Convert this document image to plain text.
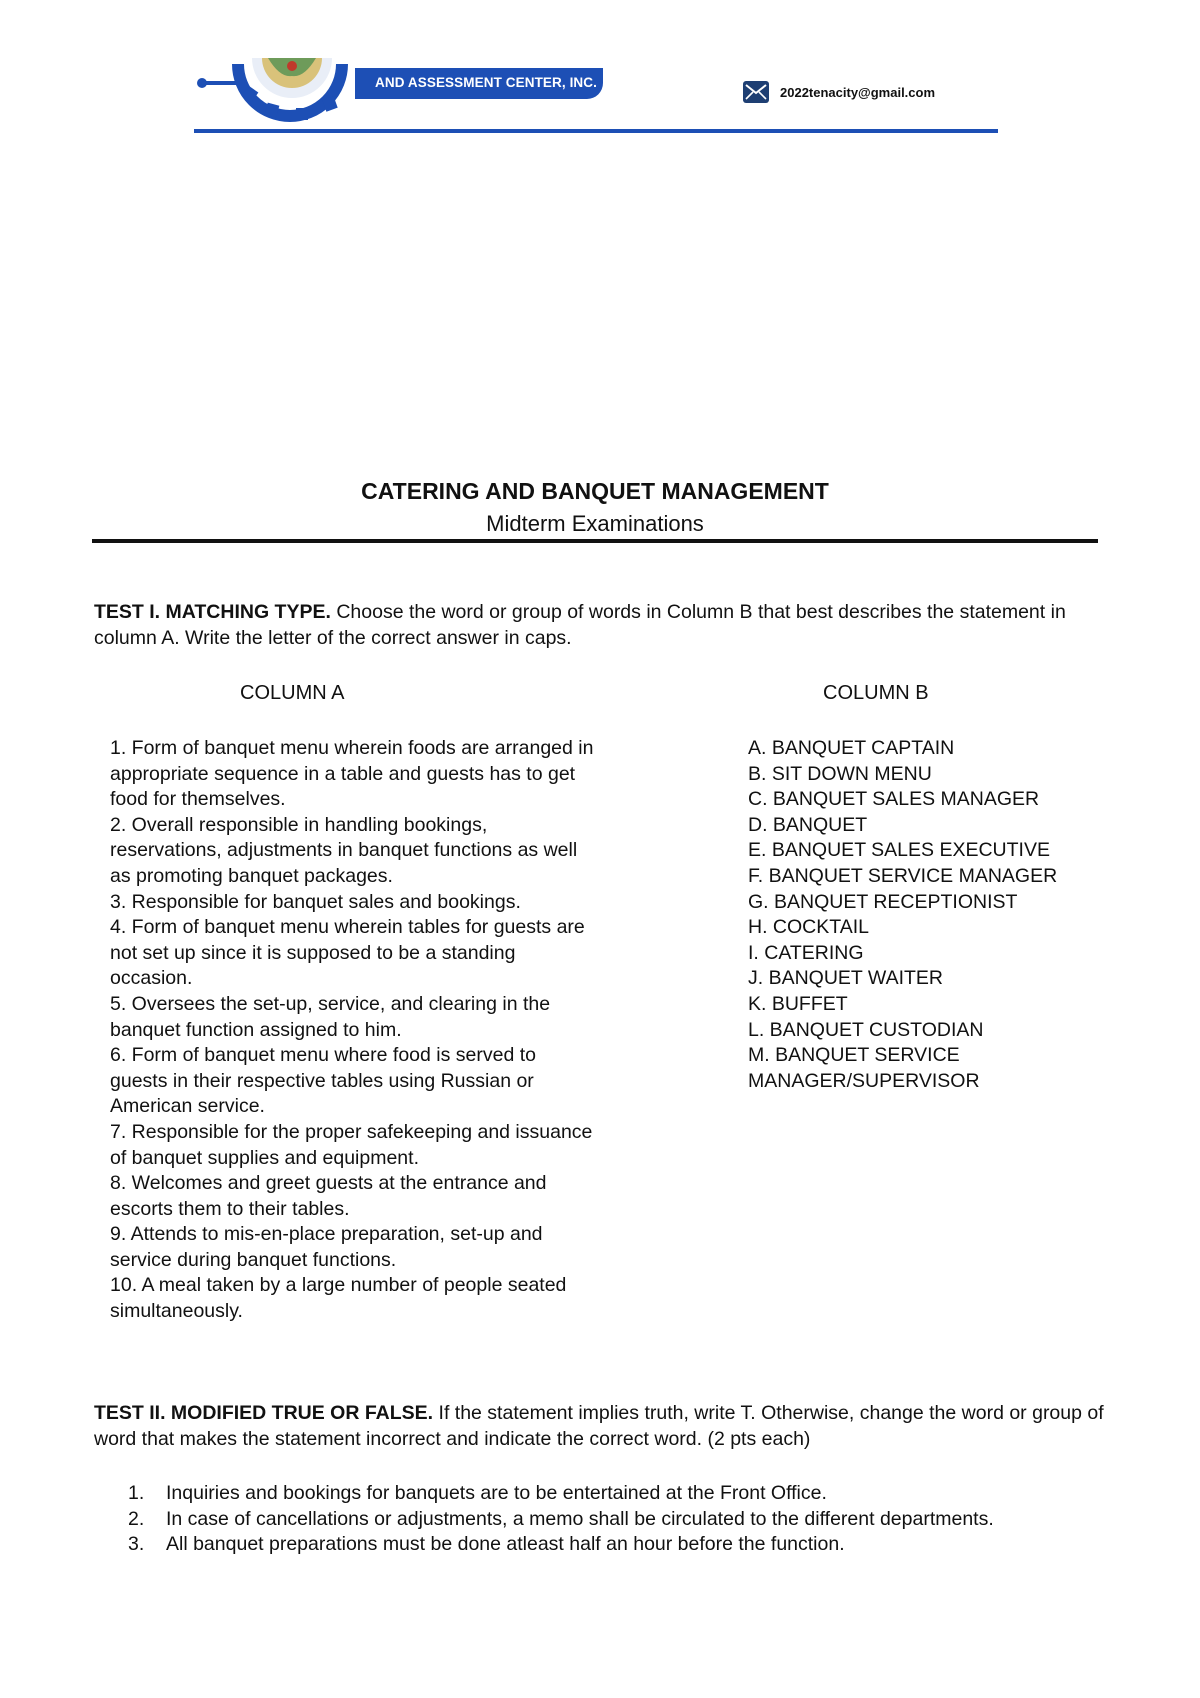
AND ASSESSMENT CENTER, INC.
2022tenacity@gmail.com
CATERING AND BANQUET MANAGEMENT
Midterm Examinations
TEST I. MATCHING TYPE. Choose the word or group of words in Column B that best describes the statement in column A. Write the letter of the correct answer in caps.
COLUMN A	COLUMN B
1. Form of banquet menu wherein foods are arranged in
appropriate sequence in a table and guests has to get
food for themselves.
2. Overall responsible in handling bookings,
reservations, adjustments in banquet functions as well
as promoting banquet packages.
3. Responsible for banquet sales and bookings.
4. Form of banquet menu wherein tables for guests are
not set up since it is supposed to be a standing
occasion.
5. Oversees the set-up, service, and clearing in the
banquet function assigned to him.
6. Form of banquet menu where food is served to
guests in their respective tables using Russian or
American service.
7. Responsible for the proper safekeeping and issuance
of banquet supplies and equipment.
8. Welcomes and greet guests at the entrance and
escorts them to their tables.
9. Attends to mis-en-place preparation, set-up and
service during banquet functions.
10. A meal taken by a large number of people seated
simultaneously.
A. BANQUET CAPTAIN
B. SIT DOWN MENU
C. BANQUET SALES MANAGER
D. BANQUET
E. BANQUET SALES EXECUTIVE
F. BANQUET SERVICE MANAGER
G. BANQUET RECEPTIONIST
H. COCKTAIL
I. CATERING
J. BANQUET WAITER
K. BUFFET
L. BANQUET CUSTODIAN
M. BANQUET SERVICE
MANAGER/SUPERVISOR
TEST II. MODIFIED TRUE OR FALSE. If the statement implies truth, write T. Otherwise, change the word or group of word that makes the statement incorrect and indicate the correct word. (2 pts each)
1.	Inquiries and bookings for banquets are to be entertained at the Front Office.
2.	In case of cancellations or adjustments, a memo shall be circulated to the different departments.
3.	All banquet preparations must be done atleast half an hour before the function.
